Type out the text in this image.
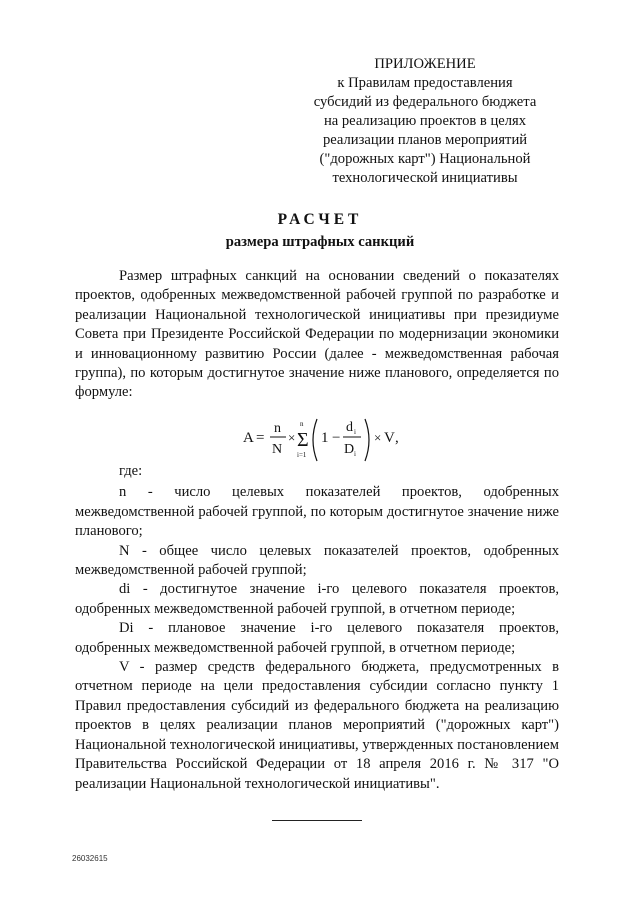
ПРИЛОЖЕНИЕ
к Правилам предоставления
субсидий из федерального бюджета
на реализацию проектов в целях
реализации планов мероприятий
("дорожных карт") Национальной
технологической инициативы
РАСЧЕТ
размера штрафных санкций

Размер штрафных санкций на основании сведений о показателях проектов, одобренных межведомственной рабочей группой по разработке и реализации Национальной технологической инициативы при президиуме Совета при Президенте Российской Федерации по модернизации экономики и инновационному развитию России (далее - межведомственная рабочая группа), по которым достигнутое значение ниже планового, определяется по формуле:

A =
n
N
×
n
Σ
i=1
1 −
d i
D i
× V ,

где:

n - число целевых показателей проектов, одобренных межведомственной рабочей группой, по которым достигнутое значение ниже планового;

N - общее число целевых показателей проектов, одобренных межведомственной рабочей группой;

di - достигнутое значение i-го целевого показателя проектов, одобренных межведомственной рабочей группой, в отчетном периоде;

Di - плановое значение i-го целевого показателя проектов, одобренных межведомственной рабочей группой, в отчетном периоде;

V - размер средств федерального бюджета, предусмотренных в отчетном периоде на цели предоставления субсидии согласно пункту 1 Правил предоставления субсидий из федерального бюджета на реализацию проектов в целях реализации планов мероприятий ("дорожных карт") Национальной технологической инициативы, утвержденных постановлением Правительства Российской Федерации от 18 апреля 2016 г. № 317 "О реализации Национальной технологической инициативы".

26032615
